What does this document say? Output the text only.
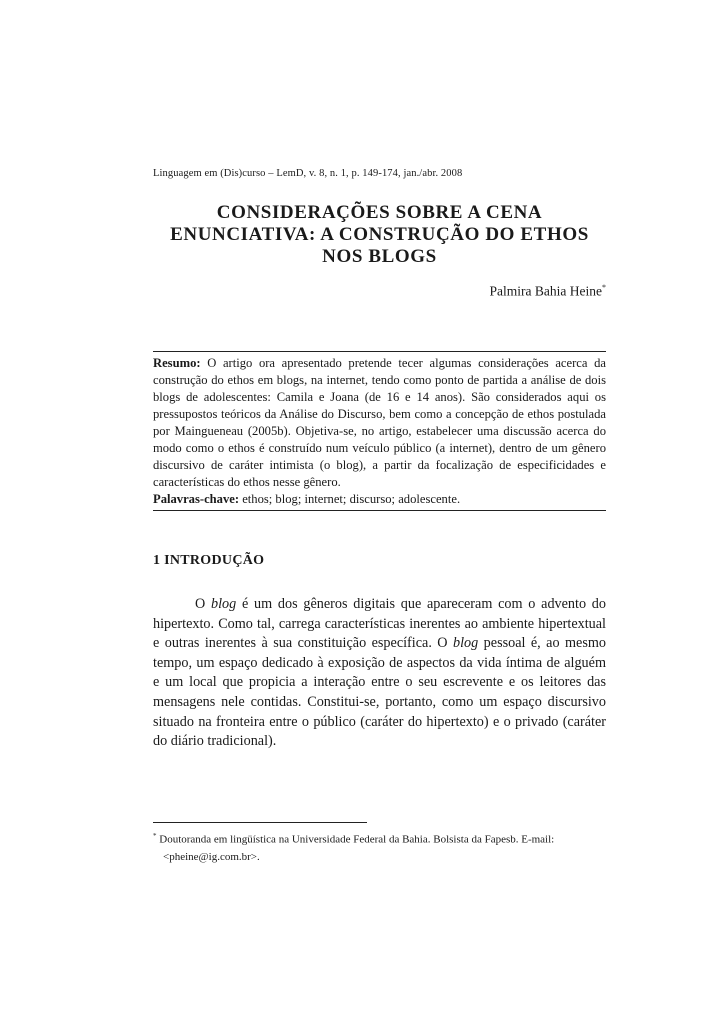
Linguagem em (Dis)curso – LemD, v. 8, n. 1, p. 149-174, jan./abr. 2008
CONSIDERAÇÕES SOBRE A CENA
ENUNCIATIVA: A CONSTRUÇÃO DO ETHOS
NOS BLOGS
Palmira Bahia Heine*

Resumo: O artigo ora apresentado pretende tecer algumas considerações acerca da construção do ethos em blogs, na internet, tendo como ponto de partida a análise de dois blogs de adolescentes: Camila e Joana (de 16 e 14 anos). São considerados aqui os pressupostos teóricos da Análise do Discurso, bem como a concepção de ethos postulada por Maingueneau (2005b). Objetiva-se, no artigo, estabelecer uma discussão acerca do modo como o ethos é construído num veículo público (a internet), dentro de um gênero discursivo de caráter intimista (o blog), a partir da focalização de especificidades e características do ethos nesse gênero.

Palavras-chave: ethos; blog; internet; discurso; adolescente.

1 INTRODUÇÃO

O blog é um dos gêneros digitais que apareceram com o advento do hipertexto. Como tal, carrega características inerentes ao ambiente hipertextual e outras inerentes à sua constituição específica. O blog pessoal é, ao mesmo tempo, um espaço dedicado à exposição de aspectos da vida íntima de alguém e um local que propicia a interação entre o seu escrevente e os leitores das mensagens nele contidas. Constitui-se, portanto, como um espaço discursivo situado na fronteira entre o público (caráter do hipertexto) e o privado (caráter do diário tradicional).

* Doutoranda em lingüística na Universidade Federal da Bahia. Bolsista da Fapesb. E-mail:
<pheine@ig.com.br>.
